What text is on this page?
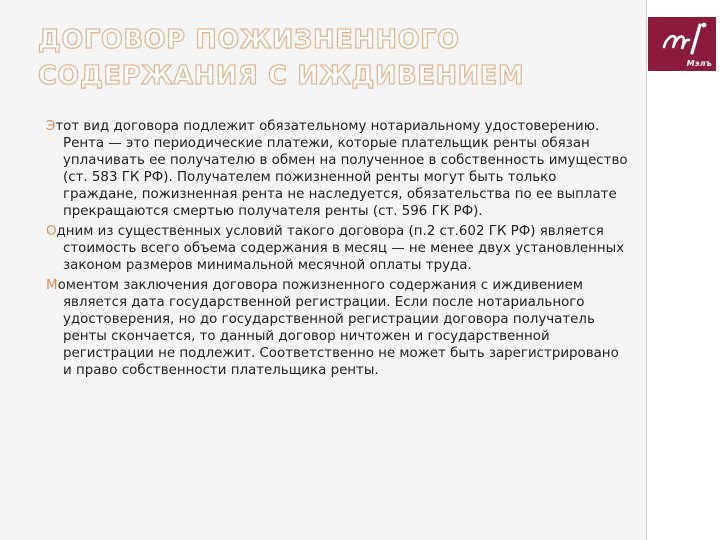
Мэлъ
ДОГОВОР ПОЖИЗНЕННОГО
СОДЕРЖАНИЯ С ИЖДИВЕНИЕМ

Этот вид договора подлежит обязательному нотариальному удостоверению. Рента — это периодические платежи, которые плательщик ренты обязан уплачивать ее получателю в обмен на полученное в собственность имущество (ст. 583 ГК РФ). Получателем пожизненной ренты могут быть только граждане, пожизненная рента не наследуется, обязательства по ее выплате прекращаются смертью получателя ренты (ст. 596 ГК РФ).

Одним из существенных условий такого договора (п.2 ст.602 ГК РФ) является стоимость всего объема содержания в месяц — не менее двух установленных законом размеров минимальной месячной оплаты труда.

Моментом заключения договора пожизненного содержания с иждивением является дата государственной регистрации. Если после нотариального удостоверения, но до государственной регистрации договора получатель ренты скончается, то данный договор ничтожен и государственной регистрации не подлежит. Соответственно не может быть зарегистрировано и право собственности плательщика ренты.
